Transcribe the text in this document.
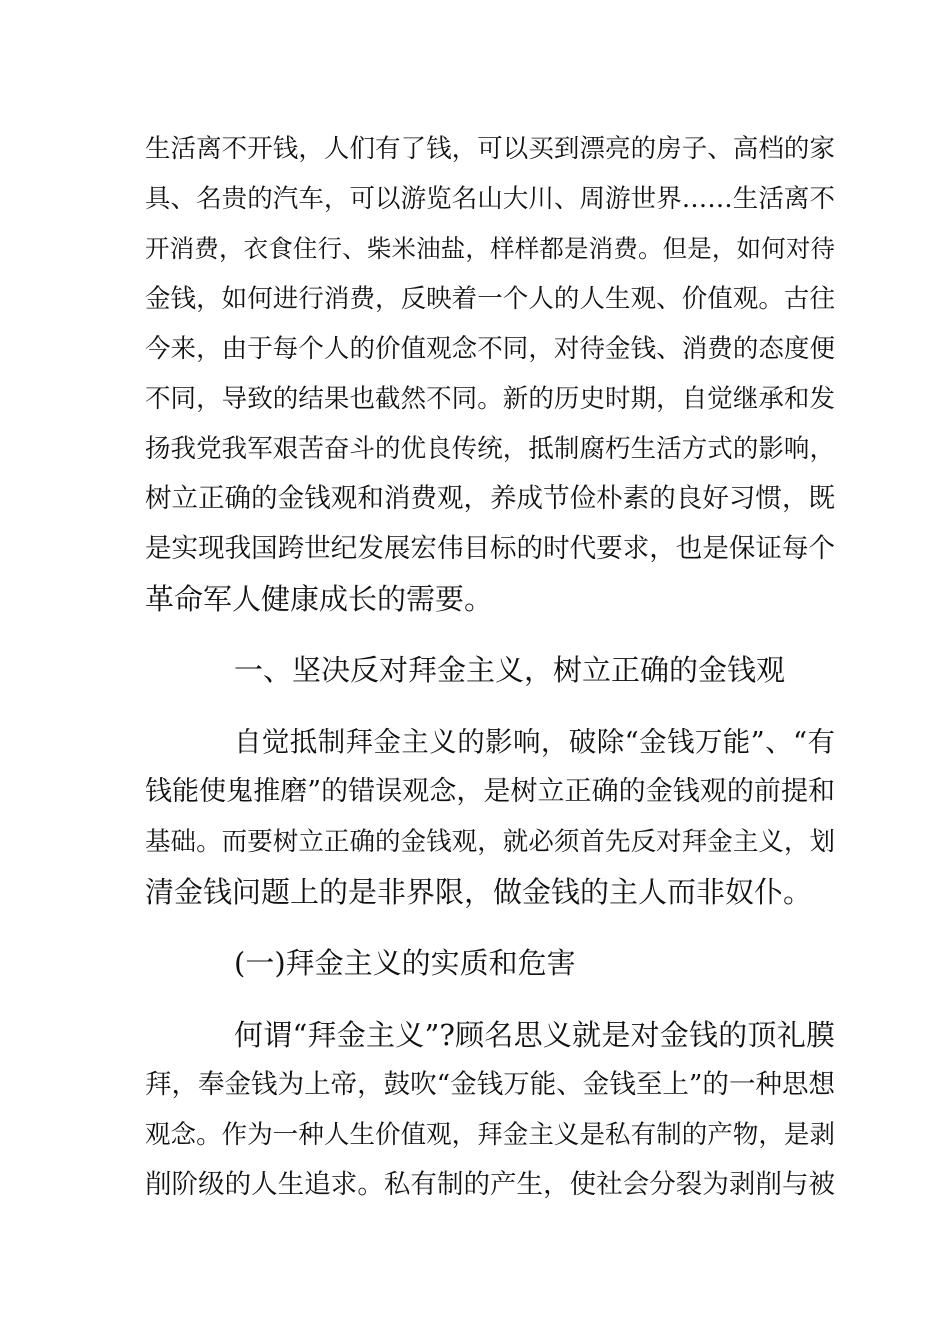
生活离不开钱，人们有了钱，可以买到漂亮的房子、高档的家
具、名贵的汽车，可以游览名山大川、周游世界……生活离不
开消费，衣食住行、柴米油盐，样样都是消费。但是，如何对待
金钱，如何进行消费，反映着一个人的人生观、价值观。古往
今来，由于每个人的价值观念不同，对待金钱、消费的态度便
不同，导致的结果也截然不同。新的历史时期，自觉继承和发
扬我党我军艰苦奋斗的优良传统，抵制腐朽生活方式的影响，
树立正确的金钱观和消费观，养成节俭朴素的良好习惯，既
是实现我国跨世纪发展宏伟目标的时代要求，也是保证每个
革命军人健康成长的需要。
一、坚决反对拜金主义，树立正确的金钱观
自觉抵制拜金主义的影响，破除“金钱万能”、“有
钱能使鬼推磨”的错误观念，是树立正确的金钱观的前提和
基础。而要树立正确的金钱观，就必须首先反对拜金主义，划
清金钱问题上的是非界限，做金钱的主人而非奴仆。
(一)拜金主义的实质和危害
何谓“拜金主义”?顾名思义就是对金钱的顶礼膜
拜，奉金钱为上帝，鼓吹“金钱万能、金钱至上”的一种思想
观念。作为一种人生价值观，拜金主义是私有制的产物，是剥
削阶级的人生追求。私有制的产生，使社会分裂为剥削与被
